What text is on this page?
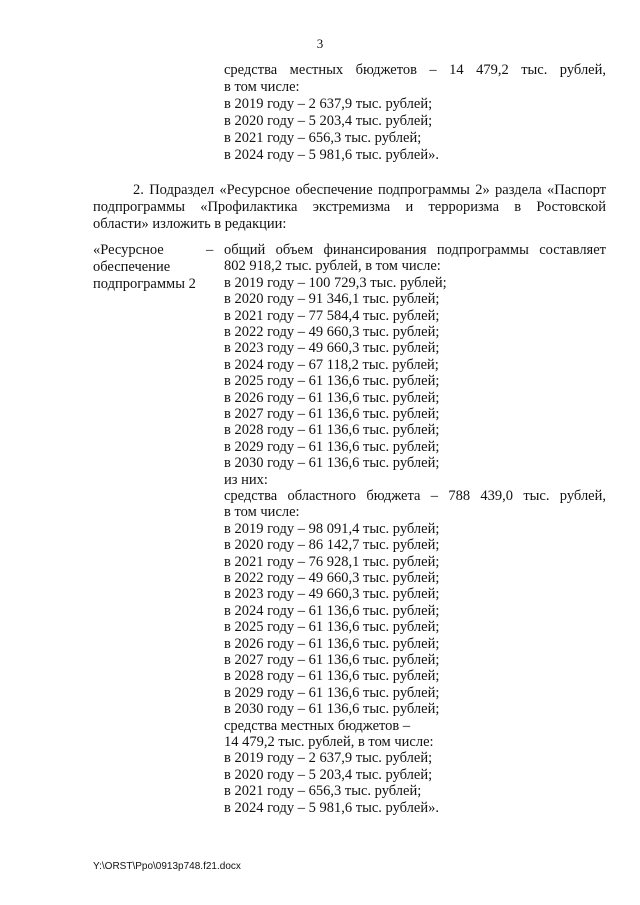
3
средства местных бюджетов – 14 479,2 тыс. рублей,
в том числе:
в 2019 году – 2 637,9 тыс. рублей;
в 2020 году – 5 203,4 тыс. рублей;
в 2021 году – 656,3 тыс. рублей;
в 2024 году – 5 981,6 тыс. рублей».
2. Подраздел «Ресурсное обеспечение подпрограммы 2» раздела «Паспорт
подпрограммы «Профилактика экстремизма и терроризма в Ростовской
области» изложить в редакции:
«Ресурсное
обеспечение
подпрограммы 2
– общий объем финансирования подпрограммы составляет
802 918,2 тыс. рублей, в том числе:
в 2019 году – 100 729,3 тыс. рублей;
в 2020 году – 91 346,1 тыс. рублей;
в 2021 году – 77 584,4 тыс. рублей;
в 2022 году – 49 660,3 тыс. рублей;
в 2023 году – 49 660,3 тыс. рублей;
в 2024 году – 67 118,2 тыс. рублей;
в 2025 году – 61 136,6 тыс. рублей;
в 2026 году – 61 136,6 тыс. рублей;
в 2027 году – 61 136,6 тыс. рублей;
в 2028 году – 61 136,6 тыс. рублей;
в 2029 году – 61 136,6 тыс. рублей;
в 2030 году – 61 136,6 тыс. рублей;
из них:
средства областного бюджета – 788 439,0 тыс. рублей,
в том числе:
в 2019 году – 98 091,4 тыс. рублей;
в 2020 году – 86 142,7 тыс. рублей;
в 2021 году – 76 928,1 тыс. рублей;
в 2022 году – 49 660,3 тыс. рублей;
в 2023 году – 49 660,3 тыс. рублей;
в 2024 году – 61 136,6 тыс. рублей;
в 2025 году – 61 136,6 тыс. рублей;
в 2026 году – 61 136,6 тыс. рублей;
в 2027 году – 61 136,6 тыс. рублей;
в 2028 году – 61 136,6 тыс. рублей;
в 2029 году – 61 136,6 тыс. рублей;
в 2030 году – 61 136,6 тыс. рублей;
средства местных бюджетов –
14 479,2 тыс. рублей, в том числе:
в 2019 году – 2 637,9 тыс. рублей;
в 2020 году – 5 203,4 тыс. рублей;
в 2021 году – 656,3 тыс. рублей;
в 2024 году – 5 981,6 тыс. рублей».
Y:\ORST\Ppo\0913p748.f21.docx
